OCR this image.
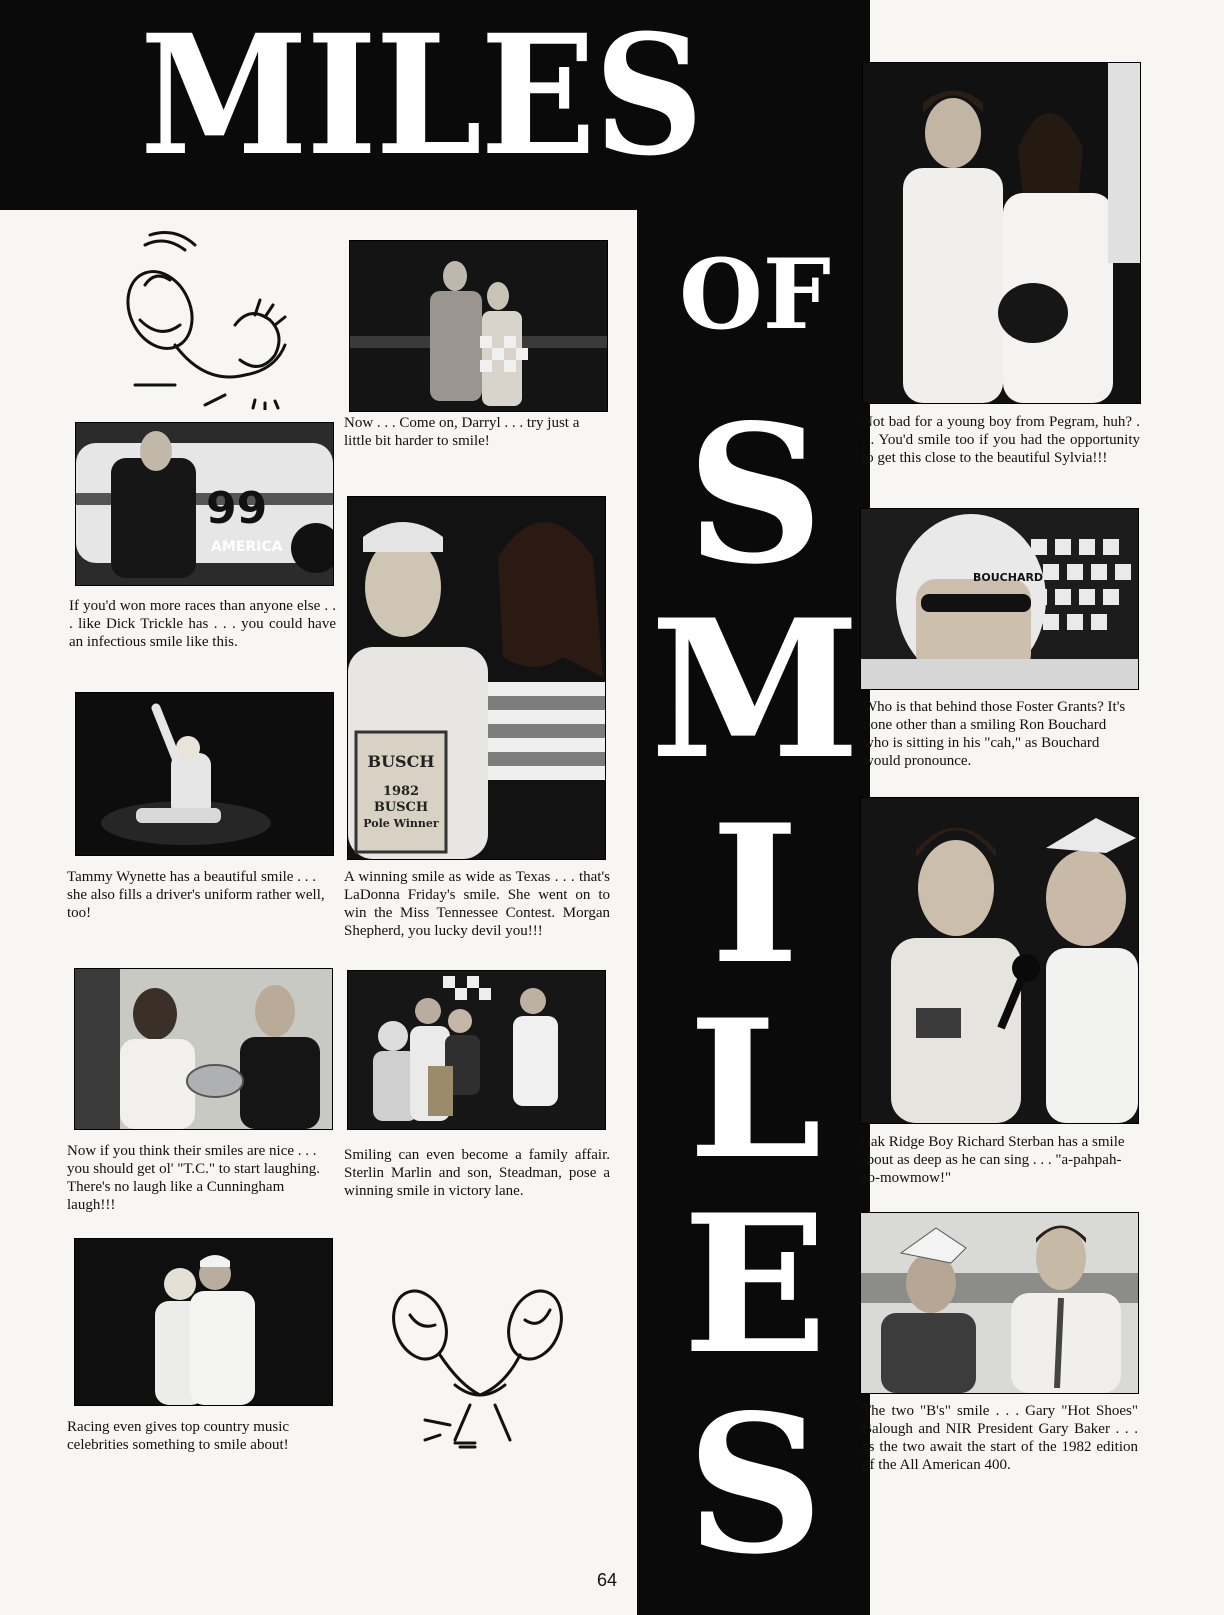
MILES
OF
S
M
I
L
E
S

Now . . . Come on, Darryl . . . try just a little bit harder to smile!

99
AMERICA

If you'd won more races than anyone else . . . like Dick Trickle has . . . you could have an infectious smile like this.

BUSCH
1982
BUSCH
Pole Winner

A winning smile as wide as Texas . . . that's LaDonna Friday's smile. She went on to win the Miss Tennessee Contest. Morgan Shepherd, you lucky devil you!!!

Tammy Wynette has a beautiful smile . . . she also fills a driver's uniform rather well, too!

Now if you think their smiles are nice . . . you should get ol' "T.C." to start laughing. There's no laugh like a Cunningham laugh!!!

Smiling can even become a family affair. Sterlin Marlin and son, Steadman, pose a winning smile in victory lane.

Racing even gives top country music celebrities something to smile about!

Not bad for a young boy from Pegram, huh? . . . You'd smile too if you had the opportunity to get this close to the beautiful Sylvia!!!

BOUCHARD

Who is that behind those Foster Grants? It's none other than a smiling Ron Bouchard who is sitting in his "cah," as Bouchard would pronounce.

Oak Ridge Boy Richard Sterban has a smile about as deep as he can sing . . . "a-pahpah-oo-mowmow!"

The two "B's" smile . . . Gary "Hot Shoes" Balough and NIR President Gary Baker . . . as the two await the start of the 1982 edition of the All American 400.

64
